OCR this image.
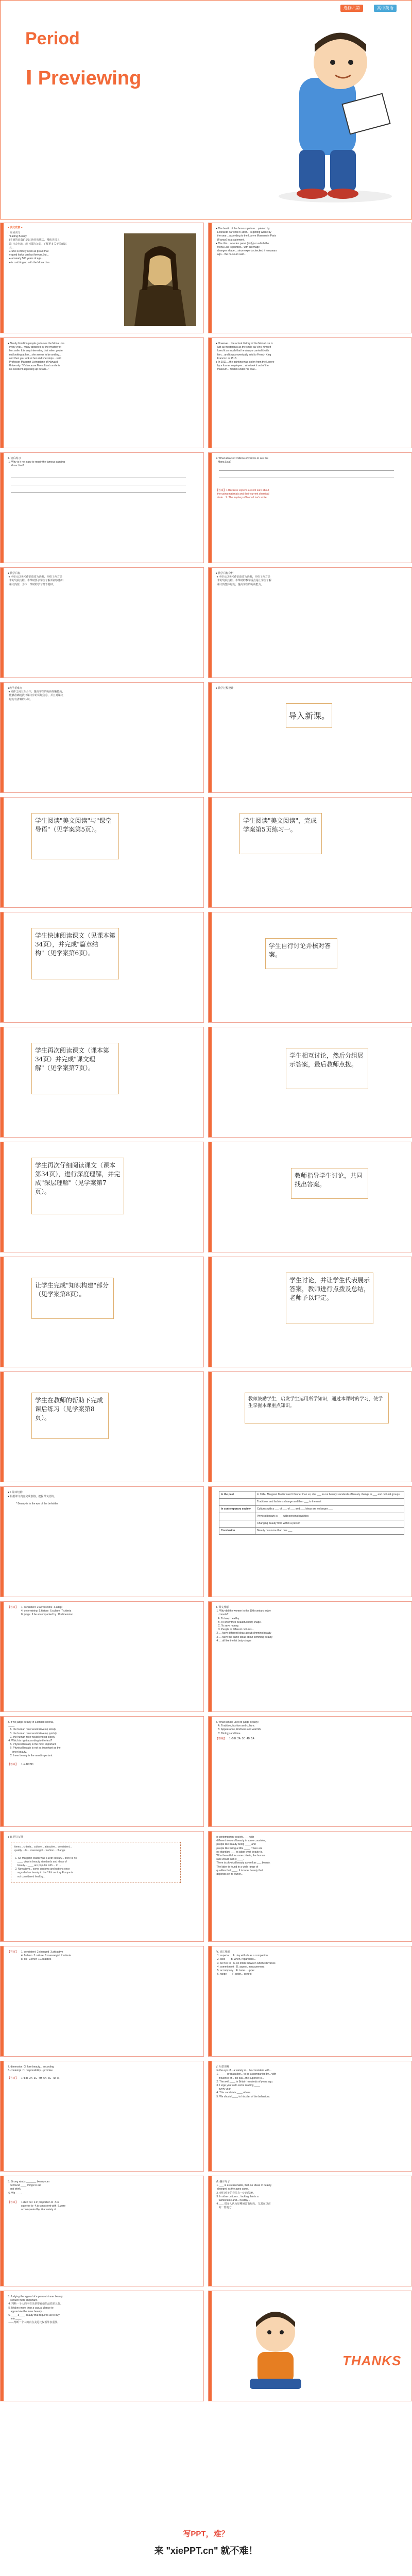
选修六第	高中英语
Period
Ⅰ Previewing
● 美文欣赏 ●
Ⅰ. 阅读美文
"Fading Beauty
(美丽的衰落)" 是以 读者的想法，漫谈美国上
流 社会名流，或下面的文章，了解更多关于美丽以
及...
● She is widely seen as proud that
● good looks can last forever.But...
● at nearly 500 years of age...
● is catching up with the Mona Lisa
● The health of the famous picture... painted by
Leonardo da Vinci in 1503... is getting worse by
the year... according to the Louvre Museum in Paris
(France) in a statement.
● The thin... wooden panel (木板) on which the
Mona Lisa is painted... with an image
changes shape... since experts checked it two years
ago... the museum said...
● Nearly 6 million people go to see the Mona Lisa
every year... many attracted by the mystery of
her smile. It is very interesting that when you're
not looking at her... she seems to be smiling...
and then you look at her and she stops... said
Professor Margaret Livingstone of Harvard
University. "It's because Mona Lisa's smile is
so excellent at picking up details..."
● However... the actual history of the Mona Lisa is
just as mysterious as the smile da Vinci himself
loved it so much that he always carried it with
him... and it was eventually sold to French King
Francis Ⅰ in 1518.
● In 1911... the painting was stolen from the Louvre
by a former employee... who took it out of the
museum... hidden under his coat...
Ⅱ. 读后练习
1. Why is it not easy to repair the famous painting
Mona Lisa?
2. What attracted millions of visitors to see the
Mona Lisa?
【答案】1.Because experts are not sure about
the using materials and their current chemical
state.   2. The mystery of Mona Lisa's smile.
● 教学目标
● 本单元以美术作品欣赏为话题，介绍了西方美
术的发展历程。本课时要求学生了解并初步感知
课文内容，为下一课时的学习打下基础。
● 教学目标分析
● 本单元以美术作品欣赏为话题，介绍了西方美
术的发展历程。本课时的教学重点是让学生了解
课文的整体结构，提高学生的阅读能力。
●教学重难点
● 同伴之间互相合作，提高学生的阅读理解能力，
能够准确地找出课文中的关键信息，并且对课文
结构有清晰的认识。
● 教学过程设计
导入新课。
学生阅读"美文阅读"与"课堂导语"（见学案第5页）。
学生阅读"美文阅读"，完成学案第5页练习一。
学生快速阅读课文（见课本第34页），并完成"篇章结构"（见学案第6页）。
学生自行讨论并核对答案。
学生再次阅读课文（课本第34页）并完成"课文理解"（见学案第7页）。
学生相互讨论，然后分组展示答案，最后教师点拨。
学生再次仔细阅读课文（课本第34页），进行深度理解，并完成"深层理解"（见学案第7页）。
教师指导学生讨论，共同找出答案。
让学生完成"知识构建"部分（见学案第8页）。
学生讨论，并让学生代表展示答案，教师进行点拨及总结，老师予以评定。
学生在教师的帮助下完成课后练习（见学案第8页）。
教师鼓励学生，启发学生运用所学知识，通过本课时的学习，使学生掌握本课重点知识。
● Ⅰ. 篇章结构
● 根据课文内容完成表格，把握课文结构。
* Beauty is in the eye of the beholder
In the past	In 1614, Margaret Mattis wasn't thinner than us; she ___ in our beauty standards of beauty change in ___ and cultural groups.
	Traditions and fashions change and then ___ to the next
In contemporary society	Cultures with a ___ of ___ of ___ and ___ Ideas are no longer ___
	Physical beauty is ___ with personal qualities
	Changing beauty from within a person
Conclusion	Beauty has more than one ___
【答案】 1. consistent  2.across time  3.adapt
4. determining  5.history  6.culture  7.criteria
8. judge  9.be accompanied by  10.dimension
Ⅱ. 课文理解
1. Why did the women in the 19th century enjoy
corsets?
A. To keep healthy.
B. To show their beautiful body shape.
C. To save money.
D. People in different cultures...
2. ... have different ideas about slimming beauty
3. ... have the same ideas about slimming beauty
4. ... all like the fat body shape
3. If we judge beauty in a limited criteria,
____.
A. the human race would develop slowly
B. the human race would develop quickly
C. the human race would end up slowly
4. Which is right according to the text?
A. Physical beauty is the most important.
B. Physical beauty is not as important as the
inner beauty.
C. Inner beauty is the most important.
【答案】 1~4 BCBD
5. What can be used to judge beauty?
A. Tradition, fashion and culture.
B. Appearance, kindness and warmth.
C. Biology and time.
【答案】 1~5 B  2A  3C  4B  5A
● Ⅲ. 语言运用
times... criteria... culture... attractive... consistent...
quality... da... overweight... fashion... change

1. So Margaret Mattis was a 19th century... there is no
____ view in beauty standards and ideas of
beauty... ____ are popular with ... in ...
2. Nowadays... some customs and notions once
regarded as beauty in the 19th century Europe is
not considered healthy...
In contemporary society, ___ with
different views of beauty in some countries,
people like beauty being ____ and
people like being a little ____. There are
no standard ___ to judge what beauty is.
What beautiful to some criteria, the human
race would sum it ____.
There is physical beauty as well as ___ beauty.
The latter is found in a wide range of
qualities that ____. It is inner beauty that
depends on its owner...
【答案】 1. consistent  2.changed  3.attractive
4. fashion  5.culture  6.overweight  7.criteria
8. die  9.inner  10.qualities
Ⅳ. 词汇理解
1. superior     A. day with sb as a companion
2. slice        B. when, regardless...
3. be free to   C. no limits between which sth varies
4. commitment   D. aspect, measurement
5. accompany    E. tame... upper
6. range        F. order... control
7. dimension  G. fore beauty... according
8. contempt  H. responsibility... promise
【答案】 1~8 B  2A  3G  4H  5A  6C  7D  8F
Ⅴ. 句型理解
In the eye of... a variety of... be consistent with...
1. _____ propagation... to be accompanied by... with
influence of... die out... the superior to...
2. The well ____ in Britain hundreds of years ago.
3. I urge you to do some reading ____
every year.
4. This candidate ____ others.
5. We should ____ to his plan of the behaviour.
5. Strong winds _______ beauty can
be found ____ things to eat
and drink.
6. We ____.
【答案】 1.died out  2.in proportion to  3.in
superior to  4.is consistent with  5.were
accompanied by  6.a variety of
Ⅵ. 翻译句子
1. ___ is as reasonable, that our ideas of beauty
changed as the ages came.
2. 他们对美的看法有一定的传统。
3. In other cultures... looking thin is a
fashionable and... healthy...
4. ___ 很多人认为厚嘴唇富有魅力，尤其在以前
的一些地方，
3. Judging the appeal of a person's inner beauty
is much more important.
4. 判断一个人的内在美是要看他的品质多么好。
5. It takes more than a casual glance to
appreciate the inner beauty...
6. ____ a____ beauty that requires us to buy
into ____.
——判断一个人的内在美远比仅看外表重要。
THANKS
写PPT，难？
来 "xiePPT.cn" 就不难！
